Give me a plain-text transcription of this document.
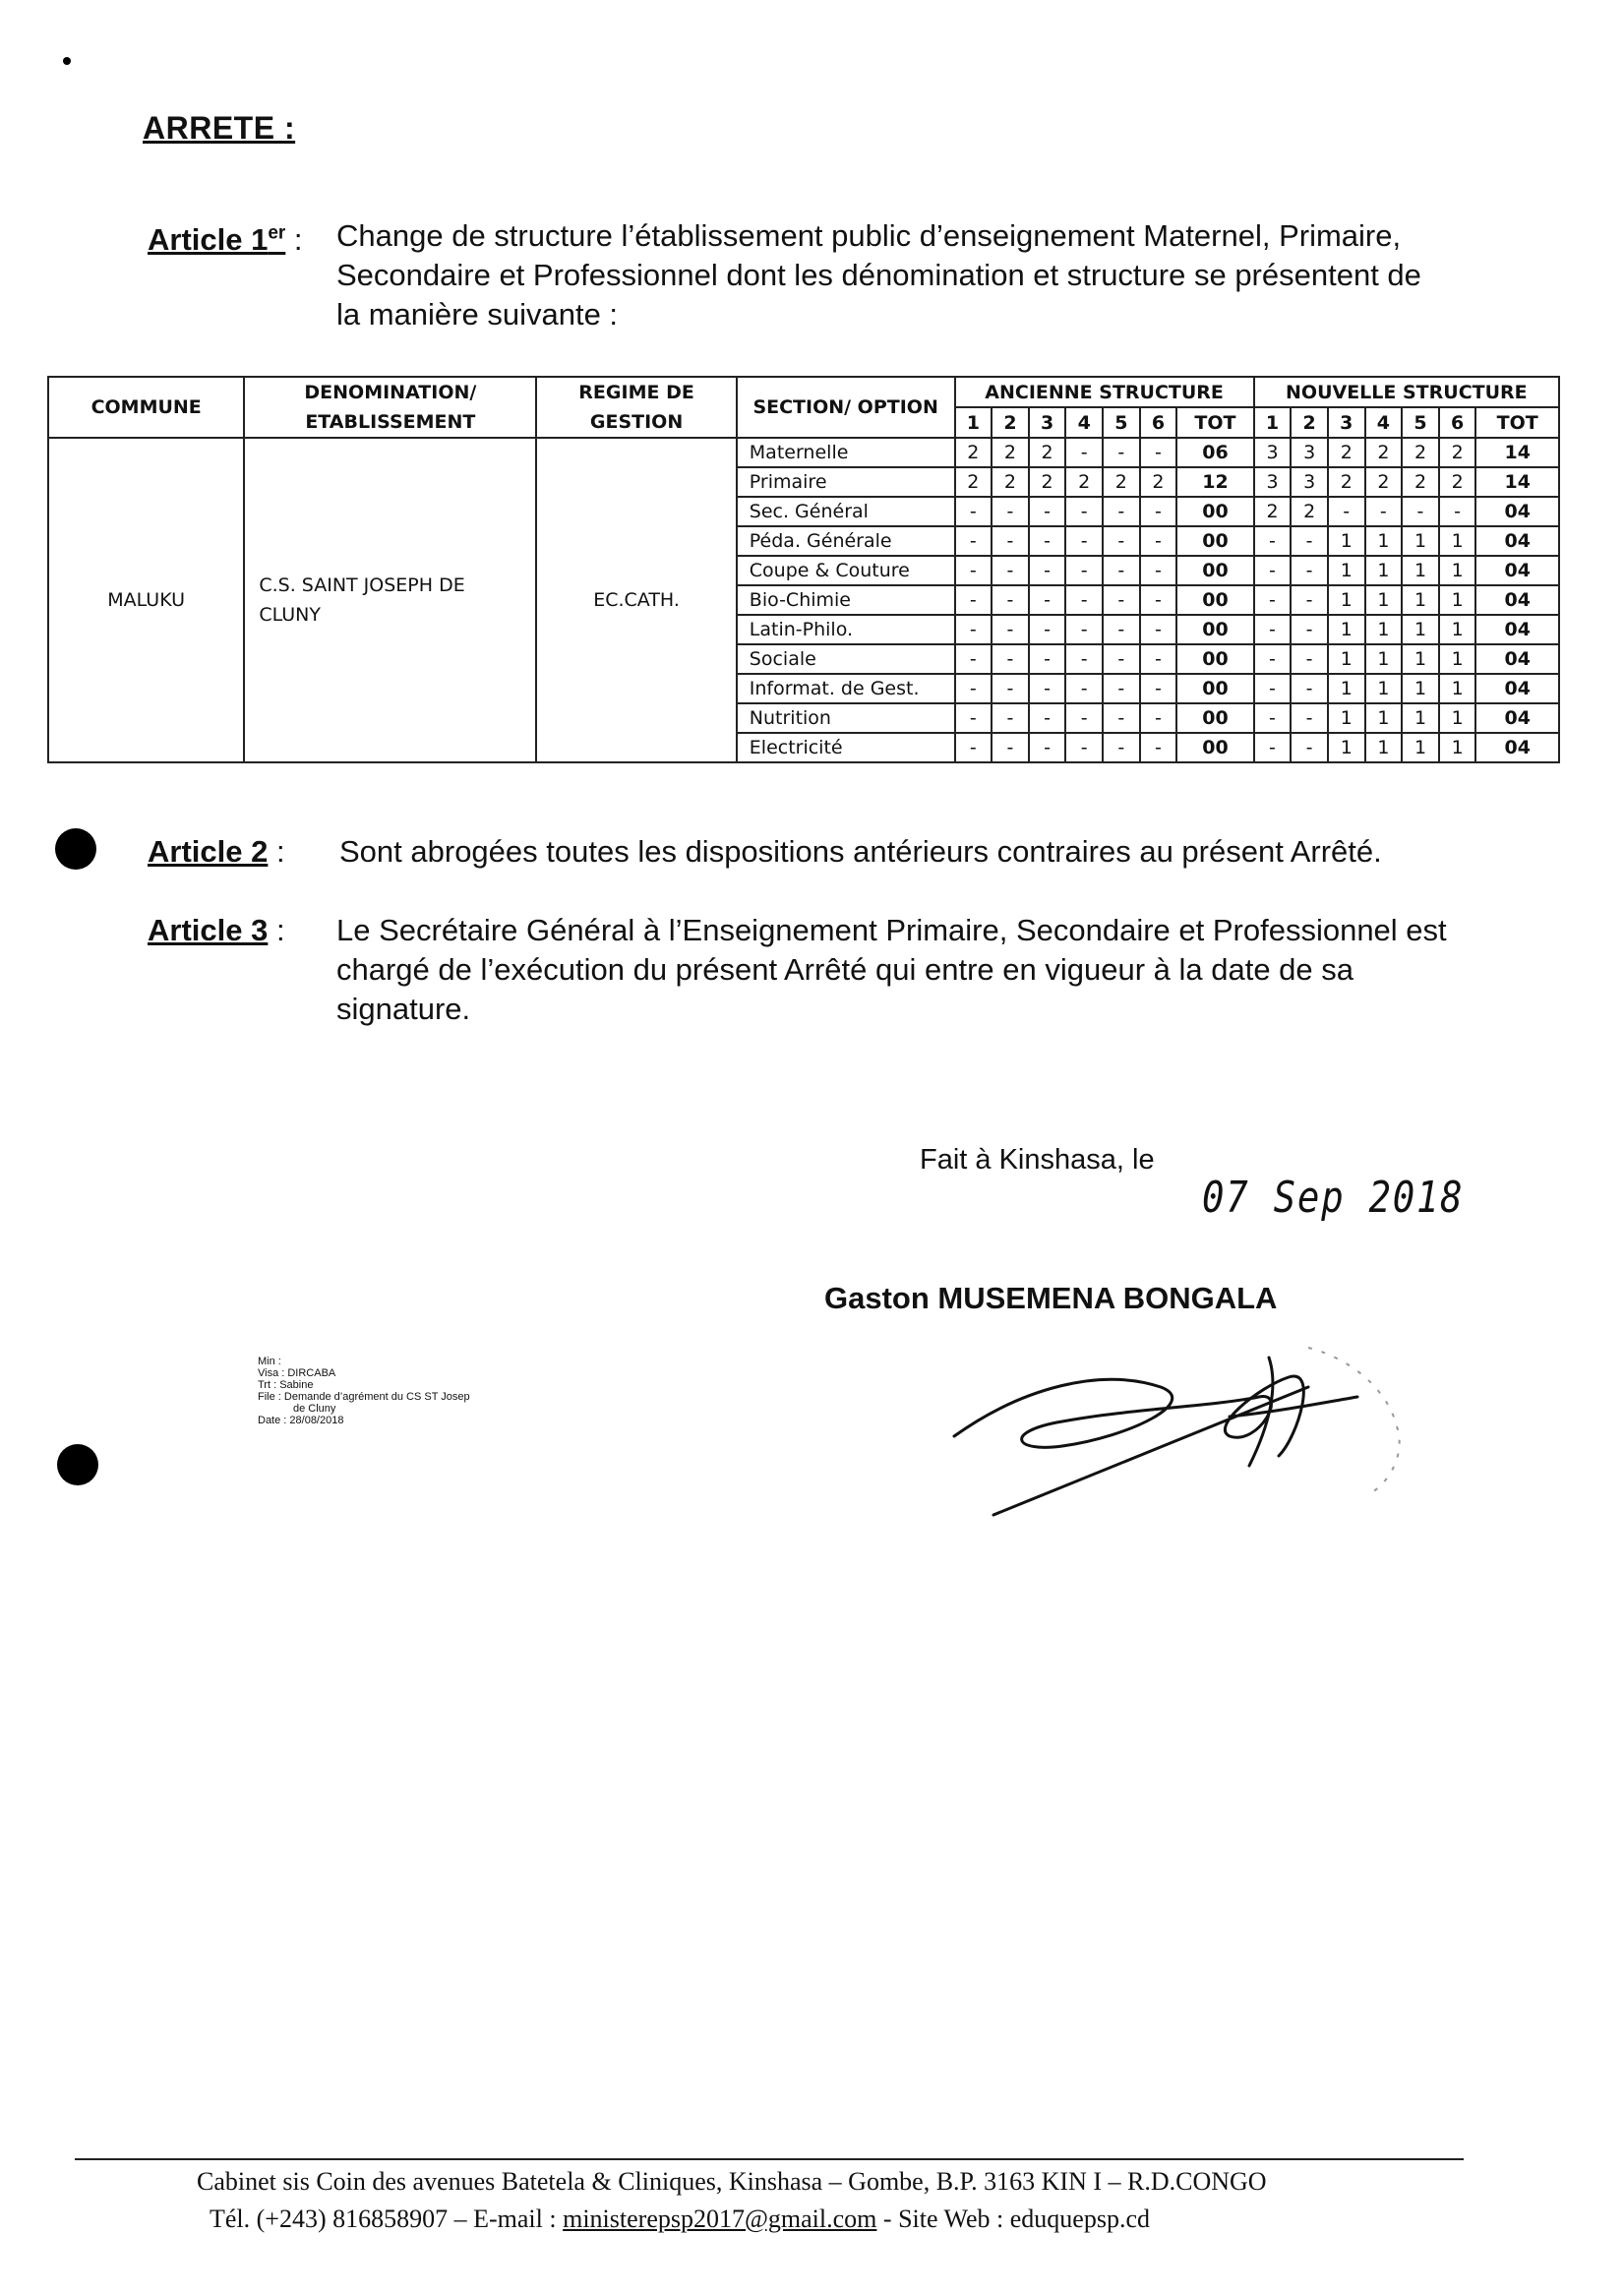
ARRETE :
Article 1er : Change de structure l’établissement public d’enseignement Maternel, Primaire, Secondaire et Professionnel dont les dénomination et structure se présentent de la manière suivante :
COMMUNE	DENOMINATION/ ETABLISSEMENT	REGIME DE GESTION	SECTION/ OPTION	ANCIENNE STRUCTURE							NOUVELLE STRUCTURE						
				1	2	3	4	5	6	TOT	1	2	3	4	5	6	TOT
MALUKU	C.S. SAINT JOSEPH DE CLUNY	EC.CATH.	Maternelle	2	2	2	-	-	-	06	3	3	2	2	2	2	14
			Primaire	2	2	2	2	2	2	12	3	3	2	2	2	2	14
			Sec. Général	-	-	-	-	-	-	00	2	2	-	-	-	-	04
			Péda. Générale	-	-	-	-	-	-	00	-	-	1	1	1	1	04
			Coupe & Couture	-	-	-	-	-	-	00	-	-	1	1	1	1	04
			Bio-Chimie	-	-	-	-	-	-	00	-	-	1	1	1	1	04
			Latin-Philo.	-	-	-	-	-	-	00	-	-	1	1	1	1	04
			Sociale	-	-	-	-	-	-	00	-	-	1	1	1	1	04
			Informat. de Gest.	-	-	-	-	-	-	00	-	-	1	1	1	1	04
			Nutrition	-	-	-	-	-	-	00	-	-	1	1	1	1	04
			Electricité	-	-	-	-	-	-	00	-	-	1	1	1	1	04
Article 2 : Sont abrogées toutes les dispositions antérieurs contraires au présent Arrêté.
Article 3 : Le Secrétaire Général à l’Enseignement Primaire, Secondaire et Professionnel est chargé de l’exécution du présent Arrêté qui entre en vigueur à la date de sa signature.
Fait à Kinshasa, le
07 Sep 2018
Gaston MUSEMENA BONGALA
Min :
Visa : DIRCABA
Trt : Sabine
File : Demande d’agrément du CS ST Josep
de Cluny
Date : 28/08/2018
Cabinet sis Coin des avenues Batetela & Cliniques, Kinshasa – Gombe, B.P. 3163 KIN I – R.D.CONGO
Tél. (+243) 816858907 – E-mail : ministerepsp2017@gmail.com - Site Web : eduquepsp.cd
